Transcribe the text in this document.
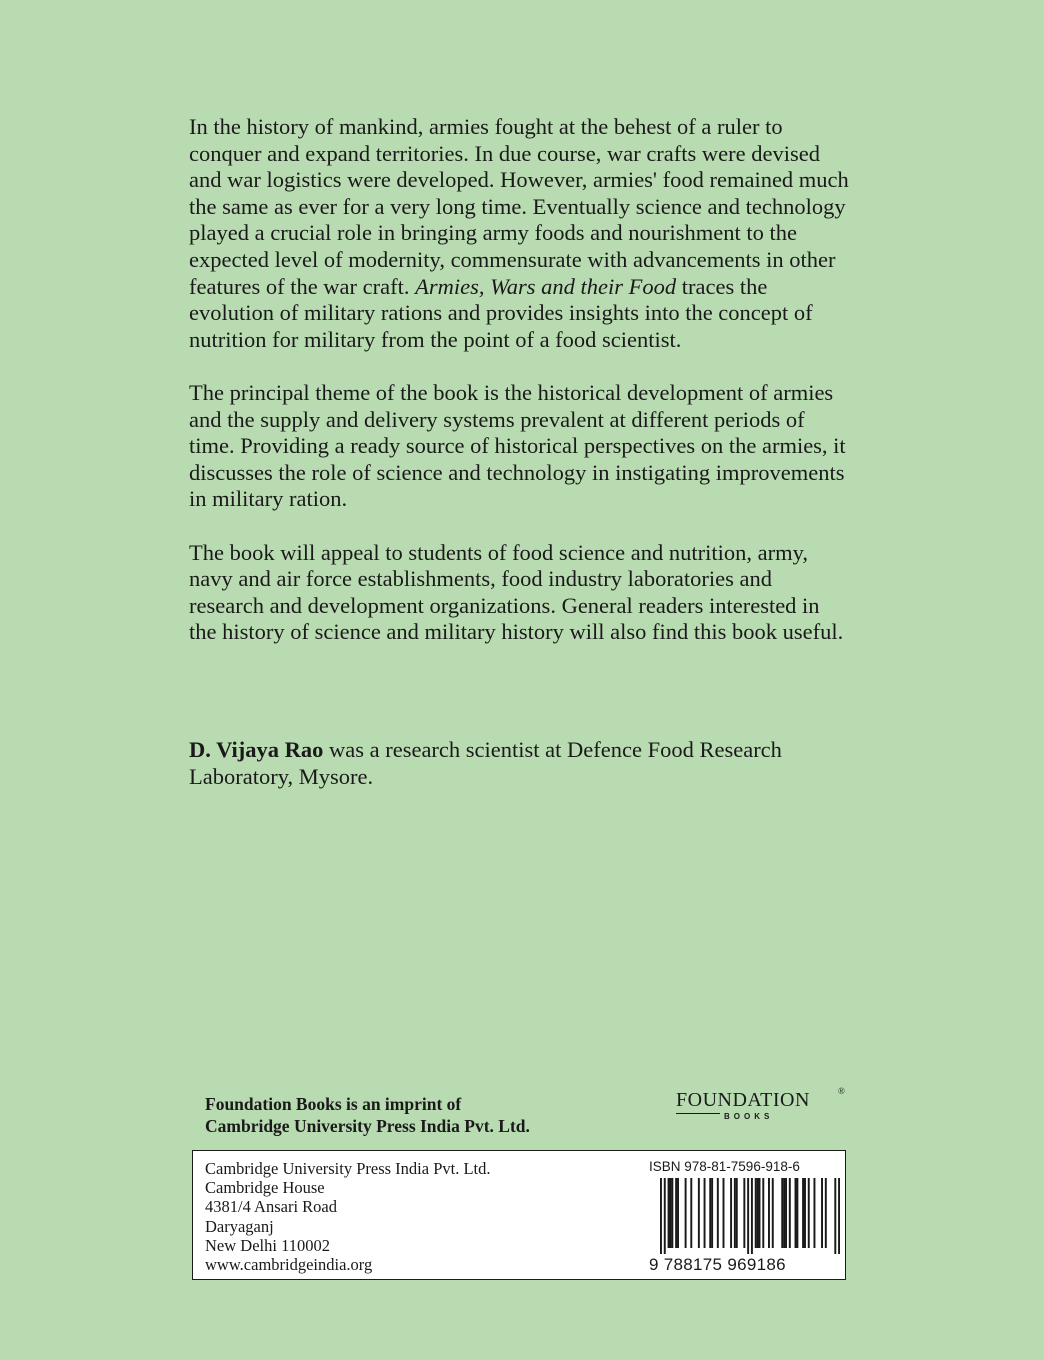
In the history of mankind, armies fought at the behest of a ruler to conquer and expand territories. In due course, war crafts were devised and war logistics were developed. However, armies' food remained much the same as ever for a very long time. Eventually science and technology played a crucial role in bringing army foods and nourishment to the expected level of modernity, commensurate with advancements in other features of the war craft. Armies, Wars and their Food traces the evolution of military rations and provides insights into the concept of nutrition for military from the point of a food scientist.

The principal theme of the book is the historical development of armies and the supply and delivery systems prevalent at different periods of time. Providing a ready source of historical perspectives on the armies, it discusses the role of science and technology in instigating improvements in military ration.

The book will appeal to students of food science and nutrition, army, navy and air force establishments, food industry laboratories and research and development organizations. General readers interested in the history of science and military history will also find this book useful.

D. Vijaya Rao was a research scientist at Defence Food Research Laboratory, Mysore.

Foundation Books is an imprint of
Cambridge University Press India Pvt. Ltd.
FOUNDATION	®
BOOKS
Cambridge University Press India Pvt. Ltd.
Cambridge House
4381/4 Ansari Road
Daryaganj
New Delhi 110002
www.cambridgeindia.org
ISBN 978-81-7596-918-6
9 788175 969186
